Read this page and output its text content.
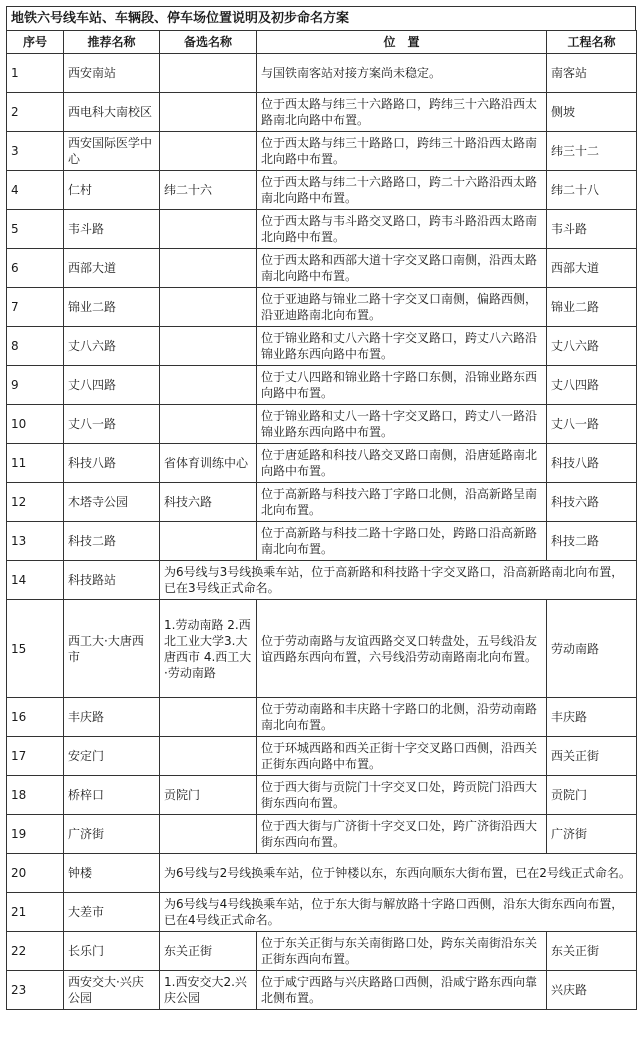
地铁六号线车站、车辆段、停车场位置说明及初步命名方案
序号	推荐名称	备选名称	位　置	工程名称
1	西安南站		与国铁南客站对接方案尚未稳定。	南客站
2	西电科大南校区		位于西太路与纬三十六路路口，跨纬三十六路沿西太路南北向路中布置。	侧坡
3	西安国际医学中心		位于西太路与纬三十路路口，跨纬三十路沿西太路南北向路中布置。	纬三十二
4	仁村	纬二十六	位于西太路与纬二十六路路口，跨二十六路沿西太路南北向路中布置。	纬二十八
5	韦斗路		位于西太路与韦斗路交叉路口，跨韦斗路沿西太路南北向路中布置。	韦斗路
6	西部大道		位于西太路和西部大道十字交叉路口南侧，沿西太路南北向路中布置。	西部大道
7	锦业二路		位于亚迪路与锦业二路十字交叉口南侧，偏路西侧，沿亚迪路南北向布置。	锦业二路
8	丈八六路		位于锦业路和丈八六路十字交叉路口，跨丈八六路沿锦业路东西向路中布置。	丈八六路
9	丈八四路		位于丈八四路和锦业路十字路口东侧，沿锦业路东西向路中布置。	丈八四路
10	丈八一路		位于锦业路和丈八一路十字交叉路口，跨丈八一路沿锦业路东西向路中布置。	丈八一路
11	科技八路	省体育训练中心	位于唐延路和科技八路交叉路口南侧，沿唐延路南北向路中布置。	科技八路
12	木塔寺公园	科技六路	位于高新路与科技六路丁字路口北侧，沿高新路呈南北向布置。	科技六路
13	科技二路		位于高新路与科技二路十字路口处，跨路口沿高新路南北向布置。	科技二路
14	科技路站	为6号线与3号线换乘车站，位于高新路和科技路十字交叉路口，沿高新路南北向布置，已在3号线正式命名。		
15	西工大·大唐西市	1.劳动南路 2.西北工业大学3.大唐西市 4.西工大·劳动南路	位于劳动南路与友谊西路交叉口转盘处，五号线沿友谊西路东西向布置，六号线沿劳动南路南北向布置。	劳动南路
16	丰庆路		位于劳动南路和丰庆路十字路口的北侧，沿劳动南路南北向布置。	丰庆路
17	安定门		位于环城西路和西关正街十字交叉路口西侧，沿西关正街东西向路中布置。	西关正街
18	桥梓口	贡院门	位于西大街与贡院门十字交叉口处，跨贡院门沿西大街东西向布置。	贡院门
19	广济街		位于西大街与广济街十字交叉口处，跨广济街沿西大街东西向布置。	广济街
20	钟楼	为6号线与2号线换乘车站，位于钟楼以东，东西向顺东大街布置，已在2号线正式命名。		
21	大差市	为6号线与4号线换乘车站，位于东大街与解放路十字路口西侧，沿东大街东西向布置，已在4号线正式命名。		
22	长乐门	东关正街	位于东关正街与东关南街路口处，跨东关南街沿东关正街东西向布置。	东关正街
23	西安交大·兴庆公园	1.西安交大2.兴庆公园	位于咸宁西路与兴庆路路口西侧，沿咸宁路东西向靠北侧布置。	兴庆路
